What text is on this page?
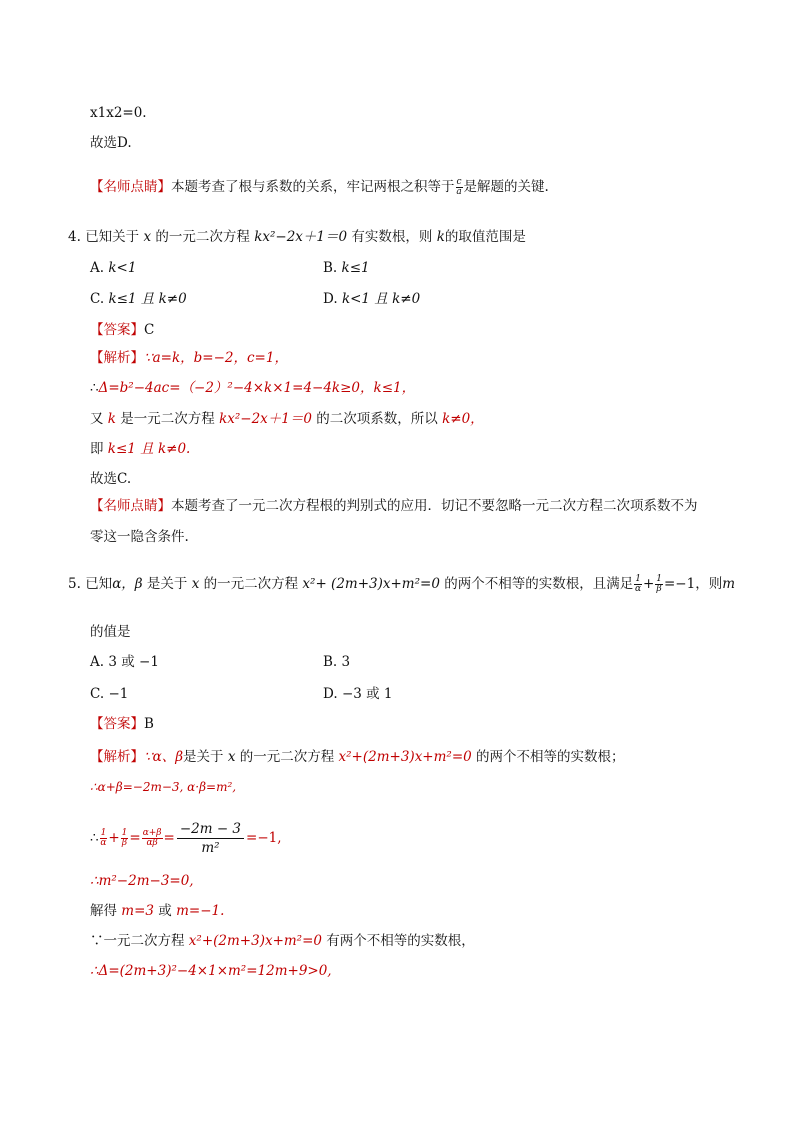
x1x2=0.
故选D.
【名师点睛】本题考查了根与系数的关系，牢记两根之积等于 $\frac{c}{a}$ 是解题的关键.
4. 已知关于 x 的一元二次方程 kx²−2x＋1＝0 有实数根，则 k的取值范围是
A. k<1	B. k≤1
C. k≤1 且 k≠0	D. k<1 且 k≠0
【答案】C
【解析】∵a=k，b=−2，c=1，
∴Δ=b²−4ac=（−2）²−4×k×1=4−4k≥0，k≤1，
又 k 是一元二次方程 kx²−2x＋1＝0 的二次项系数，所以 k≠0，
即 k≤1 且 k≠0.
故选C.
【名师点睛】本题考查了一元二次方程根的判别式的应用．切记不要忽略一元二次方程二次项系数不为
零这一隐含条件.
5. 已知α，β 是关于 x 的一元二次方程 x²+ (2m+3)x+m²=0 的两个不相等的实数根，且满足 $\frac{1}{\alpha} + \frac{1}{\beta} =-1$，则m
的值是
A. 3 或 −1	B. 3
C. −1	D. −3 或 1
【答案】B
【解析】∵α、β是关于 x 的一元二次方程 x²+(2m+3)x+m²=0 的两个不相等的实数根；
∴α+β=−2m−3, α·β=m²,
∴ $\frac{1}{\alpha} + \frac{1}{\beta} = \frac{\alpha+\beta}{\alpha\beta} = \frac{-2m - 3}{\text{m²}} =-1$,
∴m²−2m−3=0,
解得 m=3 或 m=−1.
∵一元二次方程 x²+(2m+3)x+m²=0 有两个不相等的实数根，
∴Δ=(2m+3)²−4×1×m²=12m+9>0,
